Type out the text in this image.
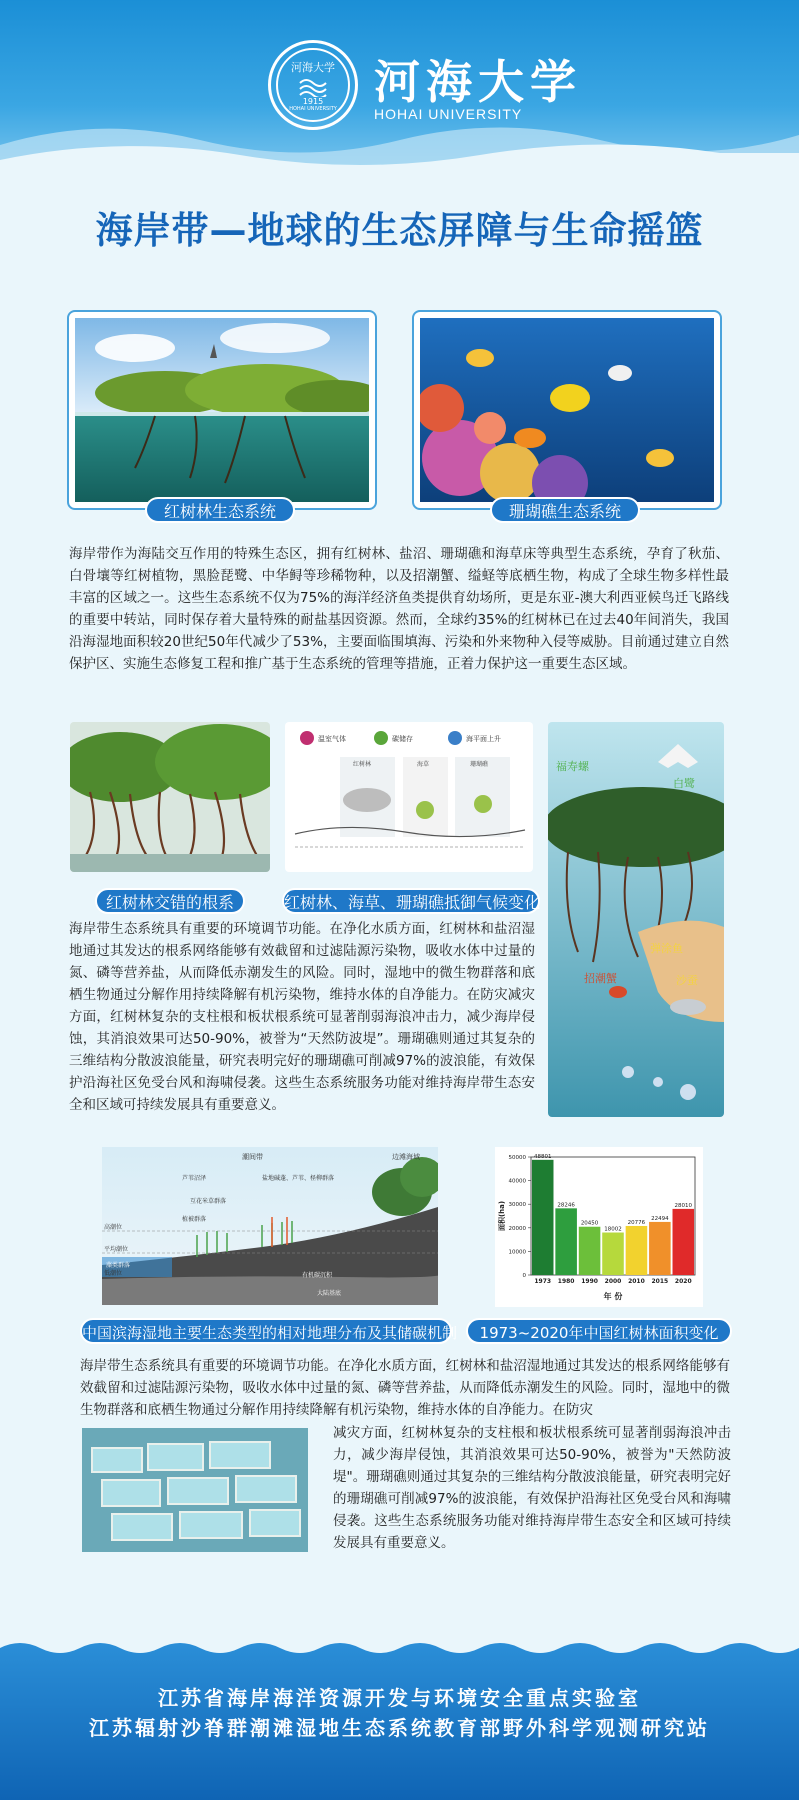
河海大学
1915
HOHAI UNIVERSITY 河海大学
HOHAI UNIVERSITY
海岸带—地球的生态屏障与生命摇篮
红树林生态系统	珊瑚礁生态系统
海岸带作为海陆交互作用的特殊生态区，拥有红树林、盐沼、珊瑚礁和海草床等典型生态系统，孕育了秋茄、白骨壤等红树植物，黑脸琵鹭、中华鲟等珍稀物种，以及招潮蟹、缢蛏等底栖生物，构成了全球生物多样性最丰富的区域之一。这些生态系统不仅为75%的海洋经济鱼类提供育幼场所，更是东亚-澳大利西亚候鸟迁飞路线的重要中转站，同时保存着大量特殊的耐盐基因资源。然而，全球约35%的红树林已在过去40年间消失，我国沿海湿地面积较20世纪50年代减少了53%，主要面临围填海、污染和外来物种入侵等威胁。目前通过建立自然保护区、实施生态修复工程和推广基于生态系统的管理等措施，正着力保护这一重要生态区域。
红树林交错的根系
温室气体	碳储存	海平面上升
红树林	海草	珊瑚礁
红树林、海草、珊瑚礁抵御气候变化
福寿螺
白鹭
招潮蟹
弹涂鱼
沙蚕
海岸带生态系统具有重要的环境调节功能。在净化水质方面，红树林和盐沼湿地通过其发达的根系网络能够有效截留和过滤陆源污染物，吸收水体中过量的氮、磷等营养盐，从而降低赤潮发生的风险。同时，湿地中的微生物群落和底栖生物通过分解作用持续降解有机污染物，维持水体的自净能力。在防灾减灾方面，红树林复杂的支柱根和板状根系统可显著削弱海浪冲击力，减少海岸侵蚀，其消浪效果可达50-90%，被誉为“天然防波堤”。珊瑚礁则通过其复杂的三维结构分散波浪能量，研究表明完好的珊瑚礁可削减97%的波浪能，有效保护沿海社区免受台风和海啸侵袭。这些生态系统服务功能对维持海岸带生态安全和区域可持续发展具有重要意义。
潮间带	边滩海域
芦苇沼泽
互花米草群落
盐地碱蓬、芦苇、柽柳群落
藻类群落
植被群落
有机碳沉积
大陆基底
高潮位
低潮位
平均潮位
中国滨海湿地主要生态类型的相对地理分布及其储碳机制
0
10000
20000
30000
40000
50000 48801
1973
28246
1980
20450
1990
18002
2000
20776
2010
22494
2015
28010
2020
年 份
面积(ha)
1973~2020年中国红树林面积变化
海岸带生态系统具有重要的环境调节功能。在净化水质方面，红树林和盐沼湿地通过其发达的根系网络能够有效截留和过滤陆源污染物，吸收水体中过量的氮、磷等营养盐，从而降低赤潮发生的风险。同时，湿地中的微生物群落和底栖生物通过分解作用持续降解有机污染物，维持水体的自净能力。在防灾
减灾方面，红树林复杂的支柱根和板状根系统可显著削弱海浪冲击力，减少海岸侵蚀，其消浪效果可达50-90%，被誉为"天然防波堤"。珊瑚礁则通过其复杂的三维结构分散波浪能量，研究表明完好的珊瑚礁可削减97%的波浪能，有效保护沿海社区免受台风和海啸侵袭。这些生态系统服务功能对维持海岸带生态安全和区域可持续发展具有重要意义。
江苏省海岸海洋资源开发与环境安全重点实验室
江苏辐射沙脊群潮滩湿地生态系统教育部野外科学观测研究站
